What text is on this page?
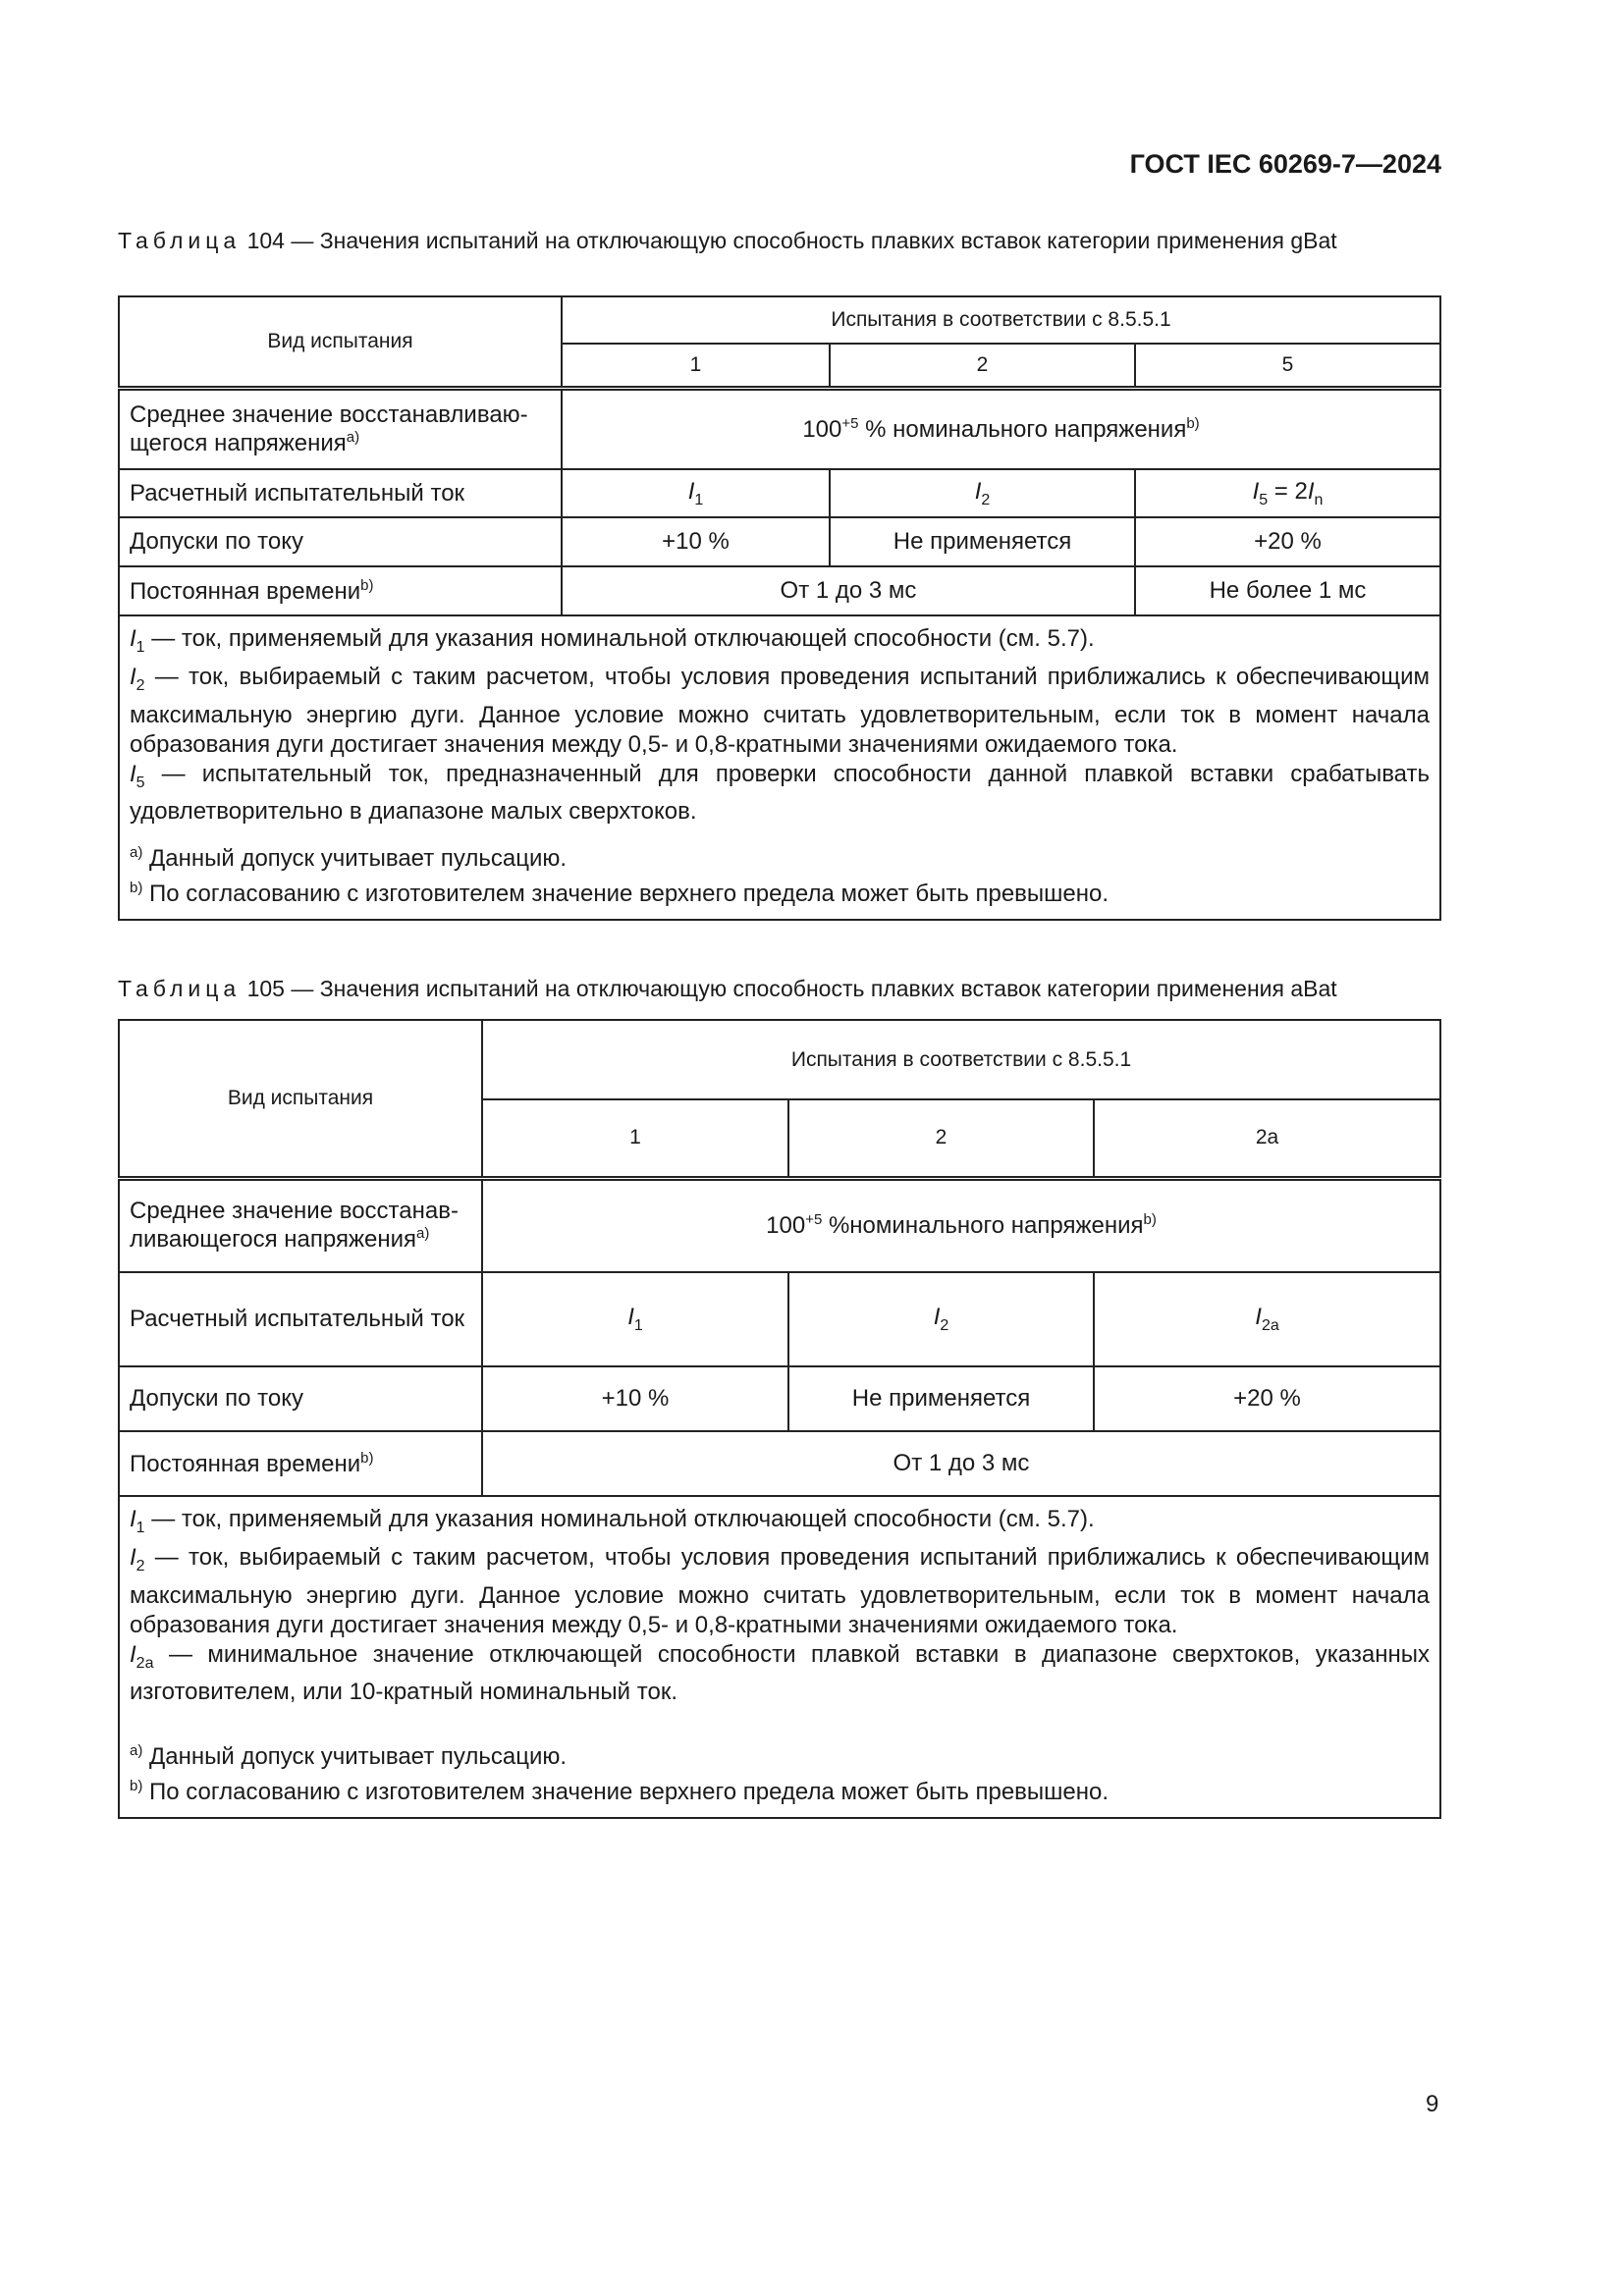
ГОСТ IEC 60269-7—2024
Таблица 104 — Значения испытаний на отключающую способность плавких вставок категории применения gBat
Вид испытания	Испытания в соответствии с 8.5.5.1		
	1	2	5
Среднее значение восстанавливаю-щегося напряжения$^{a)}$	$100^{+5}$ % номинального напряжения$^{b)}$
Расчетный испытательный ток	$I_1$	$I_2$	$I_5 = 2I_n$
Допуски по току	+10 %	Не применяется	+20 %
Постоянная времени$^{b)}$	От 1 до 3 мс		Не более 1 мс

$I_1$ — ток, применяемый для указания номинальной отключающей способности (см. 5.7).

$I_2$ — ток, выбираемый с таким расчетом, чтобы условия проведения испытаний приближались к обеспечивающим максимальную энергию дуги. Данное условие можно считать удовлетворительным, если ток в момент начала образования дуги достигает значения между 0,5- и 0,8-кратными значениями ожидаемого тока.

$I_5$ — испытательный ток, предназначенный для проверки способности данной плавкой вставки срабатывать удовлетворительно в диапазоне малых сверхтоков.

$^{a)}$ Данный допуск учитывает пульсацию.

$^{b)}$ По согласованию с изготовителем значение верхнего предела может быть превышено.			

Таблица 105 — Значения испытаний на отключающую способность плавких вставок категории применения aBat
Вид испытания	Испытания в соответствии с 8.5.5.1		
	1	2	2a
Среднее значение восстанав-ливающегося напряжения$^{a)}$	$100^{+5}$ %номинального напряжения$^{b)}$
Расчетный испытательный ток	$I_1$	$I_2$	$I_{2a}$
Допуски по току	+10 %	Не применяется	+20 %
Постоянная времени$^{b)}$	От 1 до 3 мс		

$I_1$ — ток, применяемый для указания номинальной отключающей способности (см. 5.7).

$I_2$ — ток, выбираемый с таким расчетом, чтобы условия проведения испытаний приближались к обеспечивающим максимальную энергию дуги. Данное условие можно считать удовлетворительным, если ток в момент начала образования дуги достигает значения между 0,5- и 0,8-кратными значениями ожидаемого тока.

$I_{2a}$ — минимальное значение отключающей способности плавкой вставки в диапазоне сверхтоков, указанных изготовителем, или 10-кратный номинальный ток.

$^{a)}$ Данный допуск учитывает пульсацию.

$^{b)}$ По согласованию с изготовителем значение верхнего предела может быть превышено.			

9
